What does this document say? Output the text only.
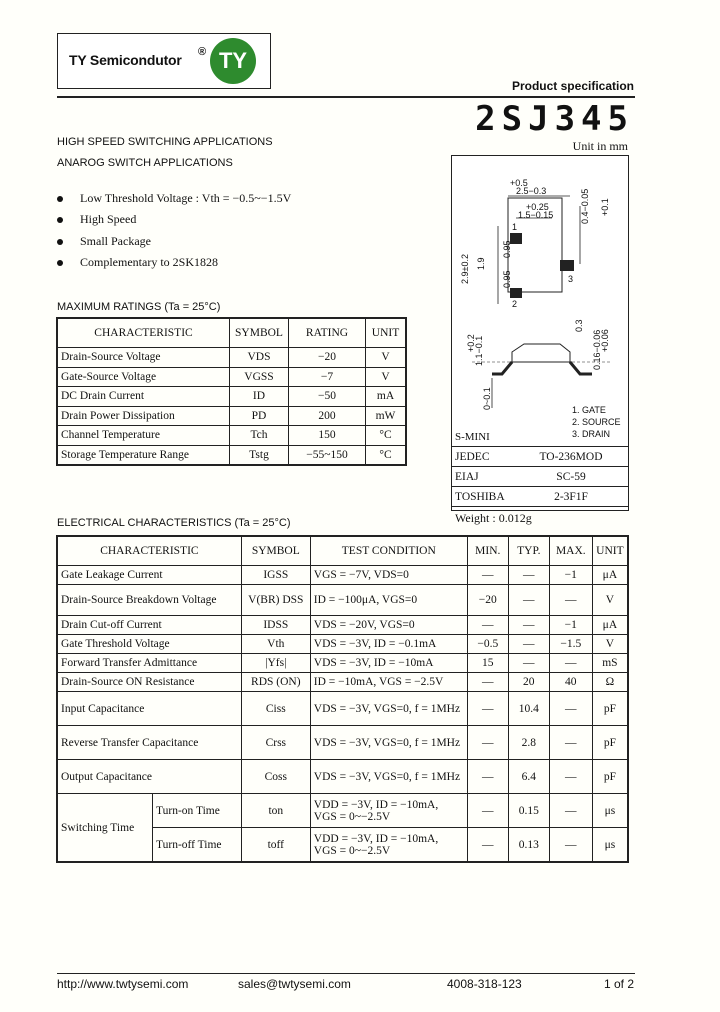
TY Semicondutor ® TY
Product specification
2SJ345
Unit in mm
HIGH SPEED SWITCHING APPLICATIONS
ANAROG SWITCH APPLICATIONS
Low Threshold Voltage : Vth = −0.5~−1.5V
High Speed
Small Package
Complementary to 2SK1828
MAXIMUM RATINGS (Ta = 25°C)
CHARACTERISTIC	SYMBOL	RATING	UNIT
Drain-Source Voltage	VDS	−20	V
Gate-Source Voltage	VGSS	−7	V
DC Drain Current	ID	−50	mA
Drain Power Dissipation	PD	200	mW
Channel Temperature	Tch	150	°C
Storage Temperature Range	Tstg	−55~150	°C
+0.5
2.5−0.3
+0.25
1.5−0.15	0.4−0.05 +0.1
2.9±0.2 1.9
0.95
0.95
1
2
3
0.3
+0.06
0.16−0.06
+0.2
1.1−0.1
0~0.1	1. GATE
2. SOURCE
3. DRAIN
S-MINI
JEDEC	TO-236MOD
EIAJ	SC-59
TOSHIBA	2-3F1F
Weight : 0.012g
ELECTRICAL CHARACTERISTICS (Ta = 25°C)
CHARACTERISTIC		SYMBOL	TEST CONDITION	MIN.	TYP.	MAX.	UNIT
Gate Leakage Current		IGSS	VGS = −7V, VDS=0	—	—	−1	μA
Drain-Source Breakdown Voltage		V(BR) DSS	ID = −100μA, VGS=0	−20	—	—	V
Drain Cut-off Current		IDSS	VDS = −20V, VGS=0	—	—	−1	μA
Gate Threshold Voltage		Vth	VDS = −3V, ID = −0.1mA	−0.5	—	−1.5	V
Forward Transfer Admittance		|Yfs|	VDS = −3V, ID = −10mA	15	—	—	mS
Drain-Source ON Resistance		RDS (ON)	ID = −10mA, VGS = −2.5V	—	20	40	Ω
Input Capacitance		Ciss	VDS = −3V, VGS=0, f = 1MHz	—	10.4	—	pF
Reverse Transfer Capacitance		Crss	VDS = −3V, VGS=0, f = 1MHz	—	2.8	—	pF
Output Capacitance		Coss	VDS = −3V, VGS=0, f = 1MHz	—	6.4	—	pF
Switching Time	Turn-on Time	ton	VDD = −3V, ID = −10mA, VGS = 0~−2.5V	—	0.15	—	μs
	Turn-off Time	toff	VDD = −3V, ID = −10mA, VGS = 0~−2.5V	—	0.13	—	μs
http://www.twtysemi.com	sales@twtysemi.com	4008-318-123	1 of 2
